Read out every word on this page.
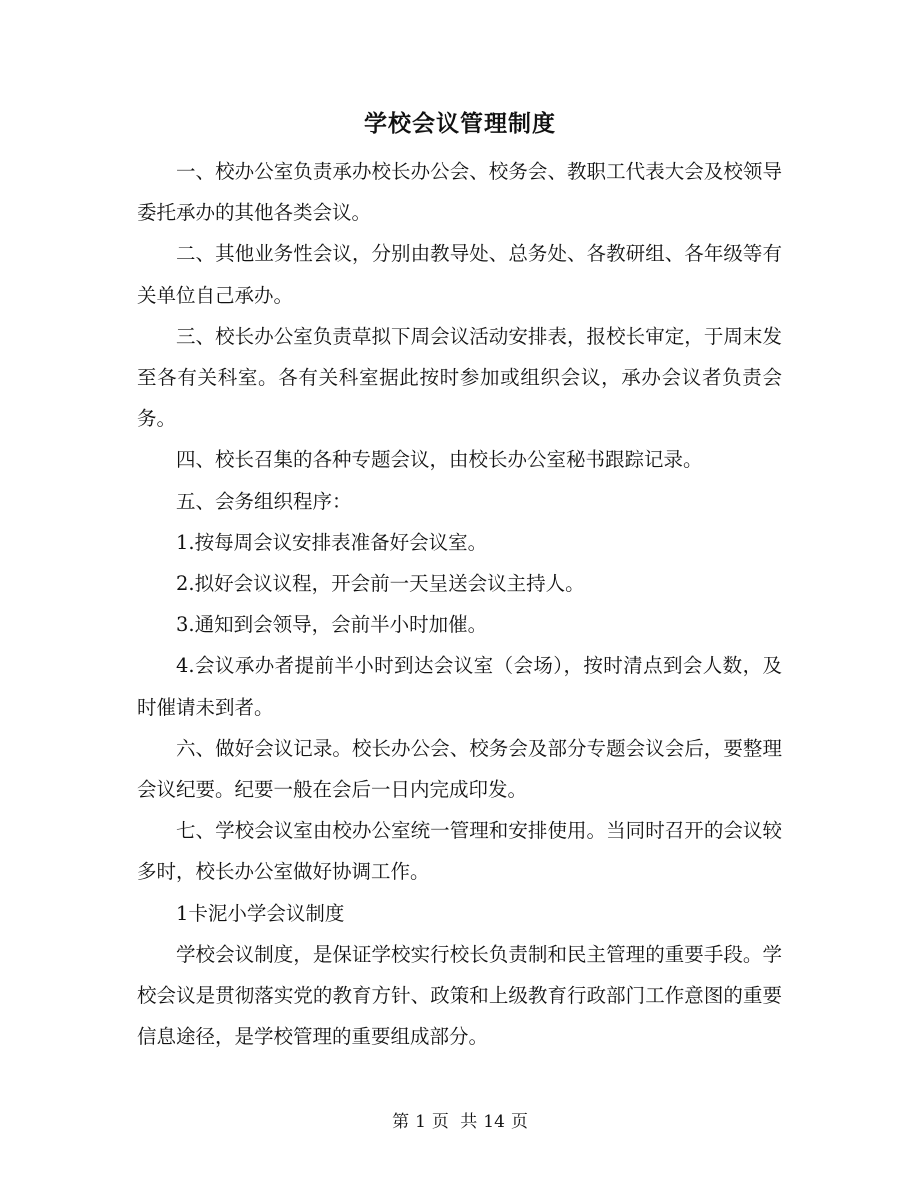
学校会议管理制度

一、校办公室负责承办校长办公会、校务会、教职工代表大会及校领导委托承办的其他各类会议。

二、其他业务性会议，分别由教导处、总务处、各教研组、各年级等有关单位自己承办。

三、校长办公室负责草拟下周会议活动安排表，报校长审定，于周末发至各有关科室。各有关科室据此按时参加或组织会议，承办会议者负责会务。

四、校长召集的各种专题会议，由校长办公室秘书跟踪记录。

五、会务组织程序：

1.按每周会议安排表准备好会议室。

2.拟好会议议程，开会前一天呈送会议主持人。

3.通知到会领导，会前半小时加催。

4.会议承办者提前半小时到达会议室（会场），按时清点到会人数，及时催请未到者。

六、做好会议记录。校长办公会、校务会及部分专题会议会后，要整理会议纪要。纪要一般在会后一日内完成印发。

七、学校会议室由校办公室统一管理和安排使用。当同时召开的会议较多时，校长办公室做好协调工作。

1卡泥小学会议制度

学校会议制度，是保证学校实行校长负责制和民主管理的重要手段。学校会议是贯彻落实党的教育方针、政策和上级教育行政部门工作意图的重要信息途径，是学校管理的重要组成部分。

第 1 页 共 14 页
